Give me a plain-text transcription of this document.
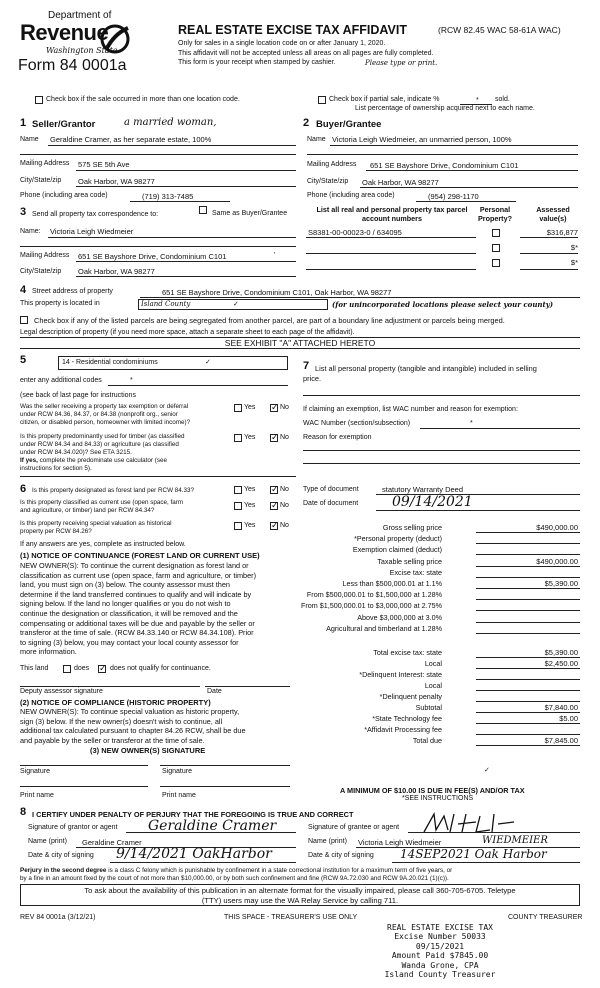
Department of
Revenue
Washington State
Form 84 0001a
REAL ESTATE EXCISE TAX AFFIDAVIT	(RCW 82.45 WAC 58-61A WAC)
Only for sales in a single location code on or after January 1, 2020.
This affidavit will not be accepted unless all areas on all pages are fully completed.
This form is your receipt when stamped by cashier.	Please type or print.
Check box if the sale occurred in more than one location code.	Check box if partial sale, indicate %	* sold.
List percentage of ownership acquired next to each name.
1 Seller/Grantor	a married woman,
Name Geraldine Cramer, as her separate estate, 100%
Mailing Address 575 SE 5th Ave
City/State/zip Oak Harbor, WA 98277
Phone (including area code)	(719) 313-7485
2 Buyer/Grantee
Name Victoria Leigh Wiedmeier, an unmarried person, 100%
Mailing Address 651 SE Bayshore Drive, Condominium C101
City/State/zip Oak Harbor, WA 98277
Phone (including area code)	(954) 298-1170
3 Send all property tax correspondence to:	Same as Buyer/Grantee
Name: Victoria Leigh Wiedmeier
Mailing Address 651 SE Bayshore Drive, Condominium C101	'
City/State/zip Oak Harbor, WA 98277
List all real and personal property tax parcel account numbers
Personal Property?
Assessed value(s)
S8381-00-00023-0 / 634095	$316,877
$*
$*
4 Street address of property	651 SE Bayshore Drive, Condominium C101, Oak Harbor, WA 98277
This property is located in	Island County	✓	(for unincorporated locations please select your county)
Check box if any of the listed parcels are being segregated from another parcel, are part of a boundary line adjustment or parcels being merged.
Legal description of property (if you need more space, attach a separate sheet to each page of the affidavit).
SEE EXHIBIT "A" ATTACHED HERETO
5	14 - Residential condominiums	✓
enter any additional codes	*
(see back of last page for instructions
Was the seller receiving a property tax exemption or deferral
under RCW 84.36, 84.37, or 84.38 (nonprofit org., senior
citizen, or disabled person, homeowner with limited income)?
Yes ✓	No
Is this property predominantly used for timber (as classified
under RCW 84.34 and 84.33) or agriculture (as classified
under RCW 84.34.020)? See ETA 3215.
If yes, complete the predominate use calculator (see
instructions for section 5).
Yes ✓	No
6 Is this property designated as forest land per RCW 84.33?	Yes ✓	No
Is this property classified as current use (open space, farm
and agriculture, or timber) land per RCW 84.34?
Yes ✓	No
Is this property receiving special valuation as historical
property per RCW 84.26?
Yes ✓	No
If any answers are yes, complete as instructed below.
(1) NOTICE OF CONTINUANCE (FOREST LAND OR CURRENT USE)
NEW OWNER(S): To continue the current designation as forest land or
classification as current use (open space, farm and agriculture, or timber)
land, you must sign on (3) below. The county assessor must then
determine if the land transferred continues to qualify and will indicate by
signing below. If the land no longer qualifies or you do not wish to
continue the designation or classification, it will be removed and the
compensating or additional taxes will be due and payable by the seller or
transferor at the time of sale. (RCW 84.33.140 or RCW 84.34.108). Prior
to signing (3) below, you may contact your local county assessor for
more information.
This land	does ✓	does not qualify for continuance.
Deputy assessor signature	Date
(2) NOTICE OF COMPLIANCE (HISTORIC PROPERTY)
NEW OWNER(S): To continue special valuation as historic property,
sign (3) below. If the new owner(s) doesn't wish to continue, all
additional tax calculated pursuant to chapter 84.26 RCW, shall be due
and payable by the seller or transferor at the time of sale.
(3) NEW OWNER(S) SIGNATURE
Signature	Signature
Print name	Print name
7 List all personal property (tangible and intangible) included in selling
price.
If claiming an exemption, list WAC number and reason for exemption:
WAC Number (section/subsection)	*
Reason for exemption
Type of document	statutory Warranty Deed
Date of document 09/14/2021
Gross selling price	$490,000.00
*Personal property (deduct)
Exemption claimed (deduct)
Taxable selling price	$490,000.00
Excise tax: state
Less than $500,000.01 at 1.1%	$5,390.00
From $500,000.01 to $1,500,000 at 1.28%
From $1,500,000.01 to $3,000,000 at 2.75%
Above $3,000,000 at 3.0%
Agricultural and timberland at 1.28%
Total excise tax: state	$5,390.00
Local	$2,450.00
*Delinquent Interest: state
Local
*Delinquent penalty
Subtotal	$7,840.00
*State Technology fee	$5.00
*Affidavit Processing fee
Total due	$7,845.00
✓
A MINIMUM OF $10.00 IS DUE IN FEE(S) AND/OR TAX
*SEE INSTRUCTIONS
8 I CERTIFY UNDER PENALTY OF PERJURY THAT THE FOREGOING IS TRUE AND CORRECT
Signature of grantor or agent Geraldine Cramer
Name (print) Geraldine Cramer
Date & city of signing 9/14/2021 OakHarbor
Signature of grantee or agent
Name (print) Victoria Leigh Wiedmeier	WIEDMEIER
Date & city of signing 14SEP2021 Oak Harbor
Perjury in the second degree is a class C felony which is punishable by confinement in a state correctional institution for a maximum term of five years, or
by a fine in an amount fixed by the court of not more than $10,000.00, or by both such confinement and fine (RCW 9A.72.030 and RCW 9A.20.021 (1)(c)).
To ask about the availability of this publication in an alternate format for the visually impaired, please call 360-705-6705. Teletype
(TTY) users may use the WA Relay Service by calling 711.
REV 84 0001a (3/12/21)	THIS SPACE - TREASURER'S USE ONLY	COUNTY TREASURER
REAL ESTATE EXCISE TAX
Excise Number 50033
09/15/2021
Amount Paid $7845.00
Wanda Grone, CPA
Island County Treasurer
